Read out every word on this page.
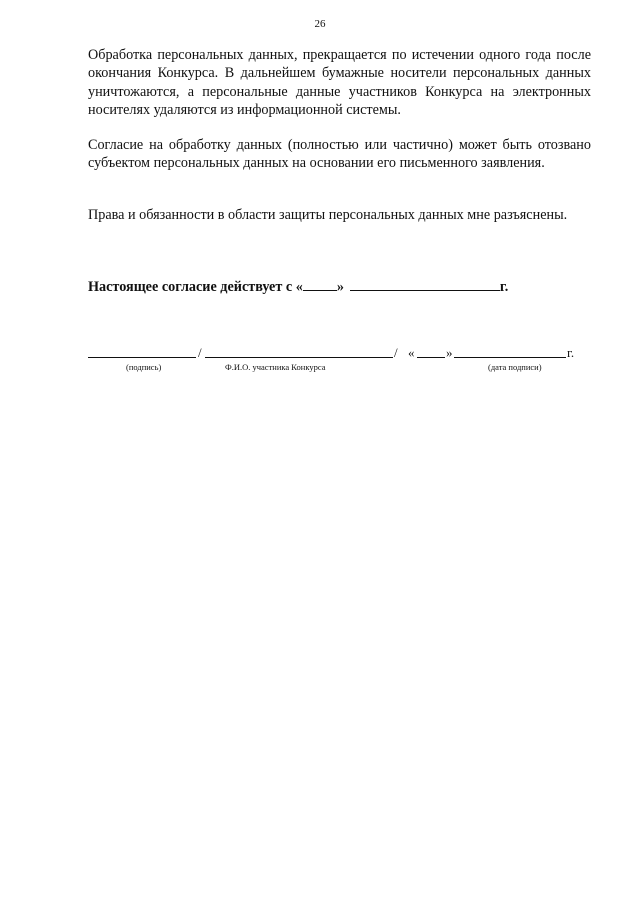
26

Обработка персональных данных, прекращается по истечении одного года после окончания Конкурса. В дальнейшем бумажные носители персональных данных уничтожаются, а персональные данные участников Конкурса на электронных носителях удаляются из информационной системы.

Согласие на обработку данных (полностью или частично) может быть отозвано субъектом персональных данных на основании его письменного заявления.

Права и обязанности в области защиты персональных данных мне разъяснены.

Настоящее согласие действует с « »	г.
/	/ « »	г.
(подпись)	Ф.И.О. участника Конкурса	(дата подписи)
